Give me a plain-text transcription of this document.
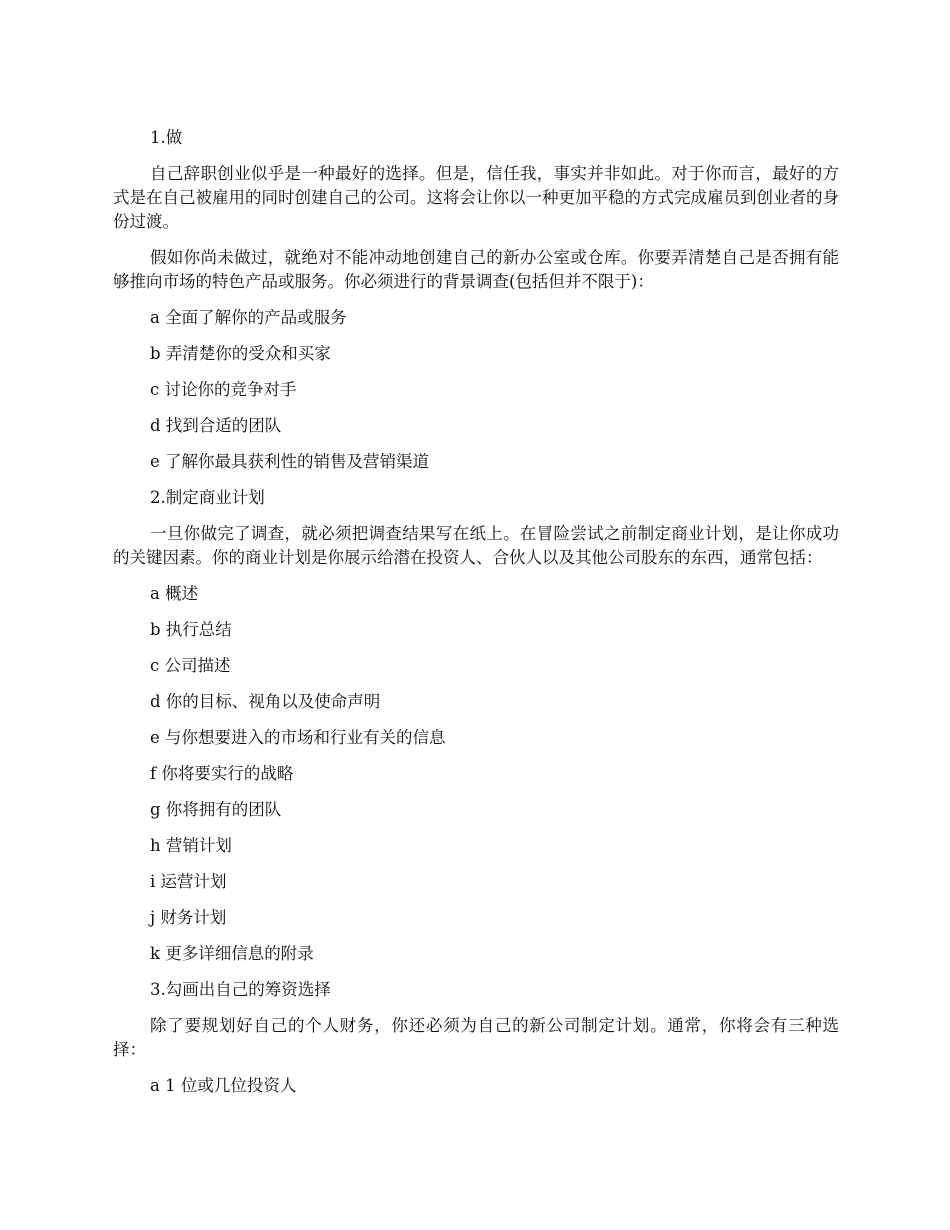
1.做

自己辞职创业似乎是一种最好的选择。但是，信任我，事实并非如此。对于你而言，最好的方式是在自己被雇用的同时创建自己的公司。这将会让你以一种更加平稳的方式完成雇员到创业者的身份过渡。

假如你尚未做过，就绝对不能冲动地创建自己的新办公室或仓库。你要弄清楚自己是否拥有能够推向市场的特色产品或服务。你必须进行的背景调查(包括但并不限于)：

a 全面了解你的产品或服务

b 弄清楚你的受众和买家

c 讨论你的竞争对手

d 找到合适的团队

e 了解你最具获利性的销售及营销渠道

2.制定商业计划

一旦你做完了调查，就必须把调查结果写在纸上。在冒险尝试之前制定商业计划，是让你成功的关键因素。你的商业计划是你展示给潜在投资人、合伙人以及其他公司股东的东西，通常包括：

a 概述

b 执行总结

c 公司描述

d 你的目标、视角以及使命声明

e 与你想要进入的市场和行业有关的信息

f 你将要实行的战略

g 你将拥有的团队

h 营销计划

i 运营计划

j 财务计划

k 更多详细信息的附录

3.勾画出自己的筹资选择

除了要规划好自己的个人财务，你还必须为自己的新公司制定计划。通常，你将会有三种选择：

a 1 位或几位投资人
